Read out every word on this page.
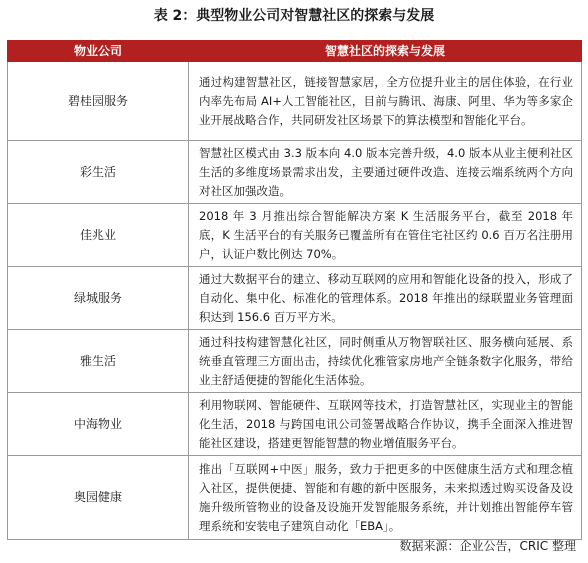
表 2：典型物业公司对智慧社区的探索与发展
物业公司	智慧社区的探索与发展
碧桂园服务	通过构建智慧社区，链接智慧家居，全方位提升业主的居住体验，在行业内率先布局 AI+人工智能社区，目前与腾讯、海康、阿里、华为等多家企业开展战略合作，共同研发社区场景下的算法模型和智能化平台。
彩生活	智慧社区模式由 3.3 版本向 4.0 版本完善升级，4.0 版本从业主便利社区生活的多维度场景需求出发，主要通过硬件改造、连接云端系统两个方向对社区加强改造。
佳兆业	2018 年 3 月推出综合智能解决方案 K 生活服务平台，截至 2018 年底，K 生活平台的有关服务已覆盖所有在管住宅社区约 0.6 百万名注册用户，认证户数比例达 70%。
绿城服务	通过大数据平台的建立、移动互联网的应用和智能化设备的投入，形成了自动化、集中化、标准化的管理体系。2018 年推出的绿联盟业务管理面积达到 156.6 百万平方米。
雅生活	通过科技构建智慧化社区，同时侧重从万物智联社区、服务横向延展、系统垂直管理三方面出击，持续优化雅管家房地产全链条数字化服务，带给业主舒适便捷的智能化生活体验。
中海物业	利用物联网、智能硬件、互联网等技术，打造智慧社区，实现业主的智能化生活，2018 与跨国电讯公司签署战略合作协议，携手全面深入推进智能社区建设，搭建更智能智慧的物业增值服务平台。
奥园健康	推出「互联网+中医」服务，致力于把更多的中医健康生活方式和理念植入社区，提供便捷、智能和有趣的新中医服务，未来拟透过购买设备及设施升级所管物业的设备及设施开发智能服务系统，并计划推出智能停车管理系统和安装电子建筑自动化「EBA」。
数据来源：企业公告，CRIC 整理
